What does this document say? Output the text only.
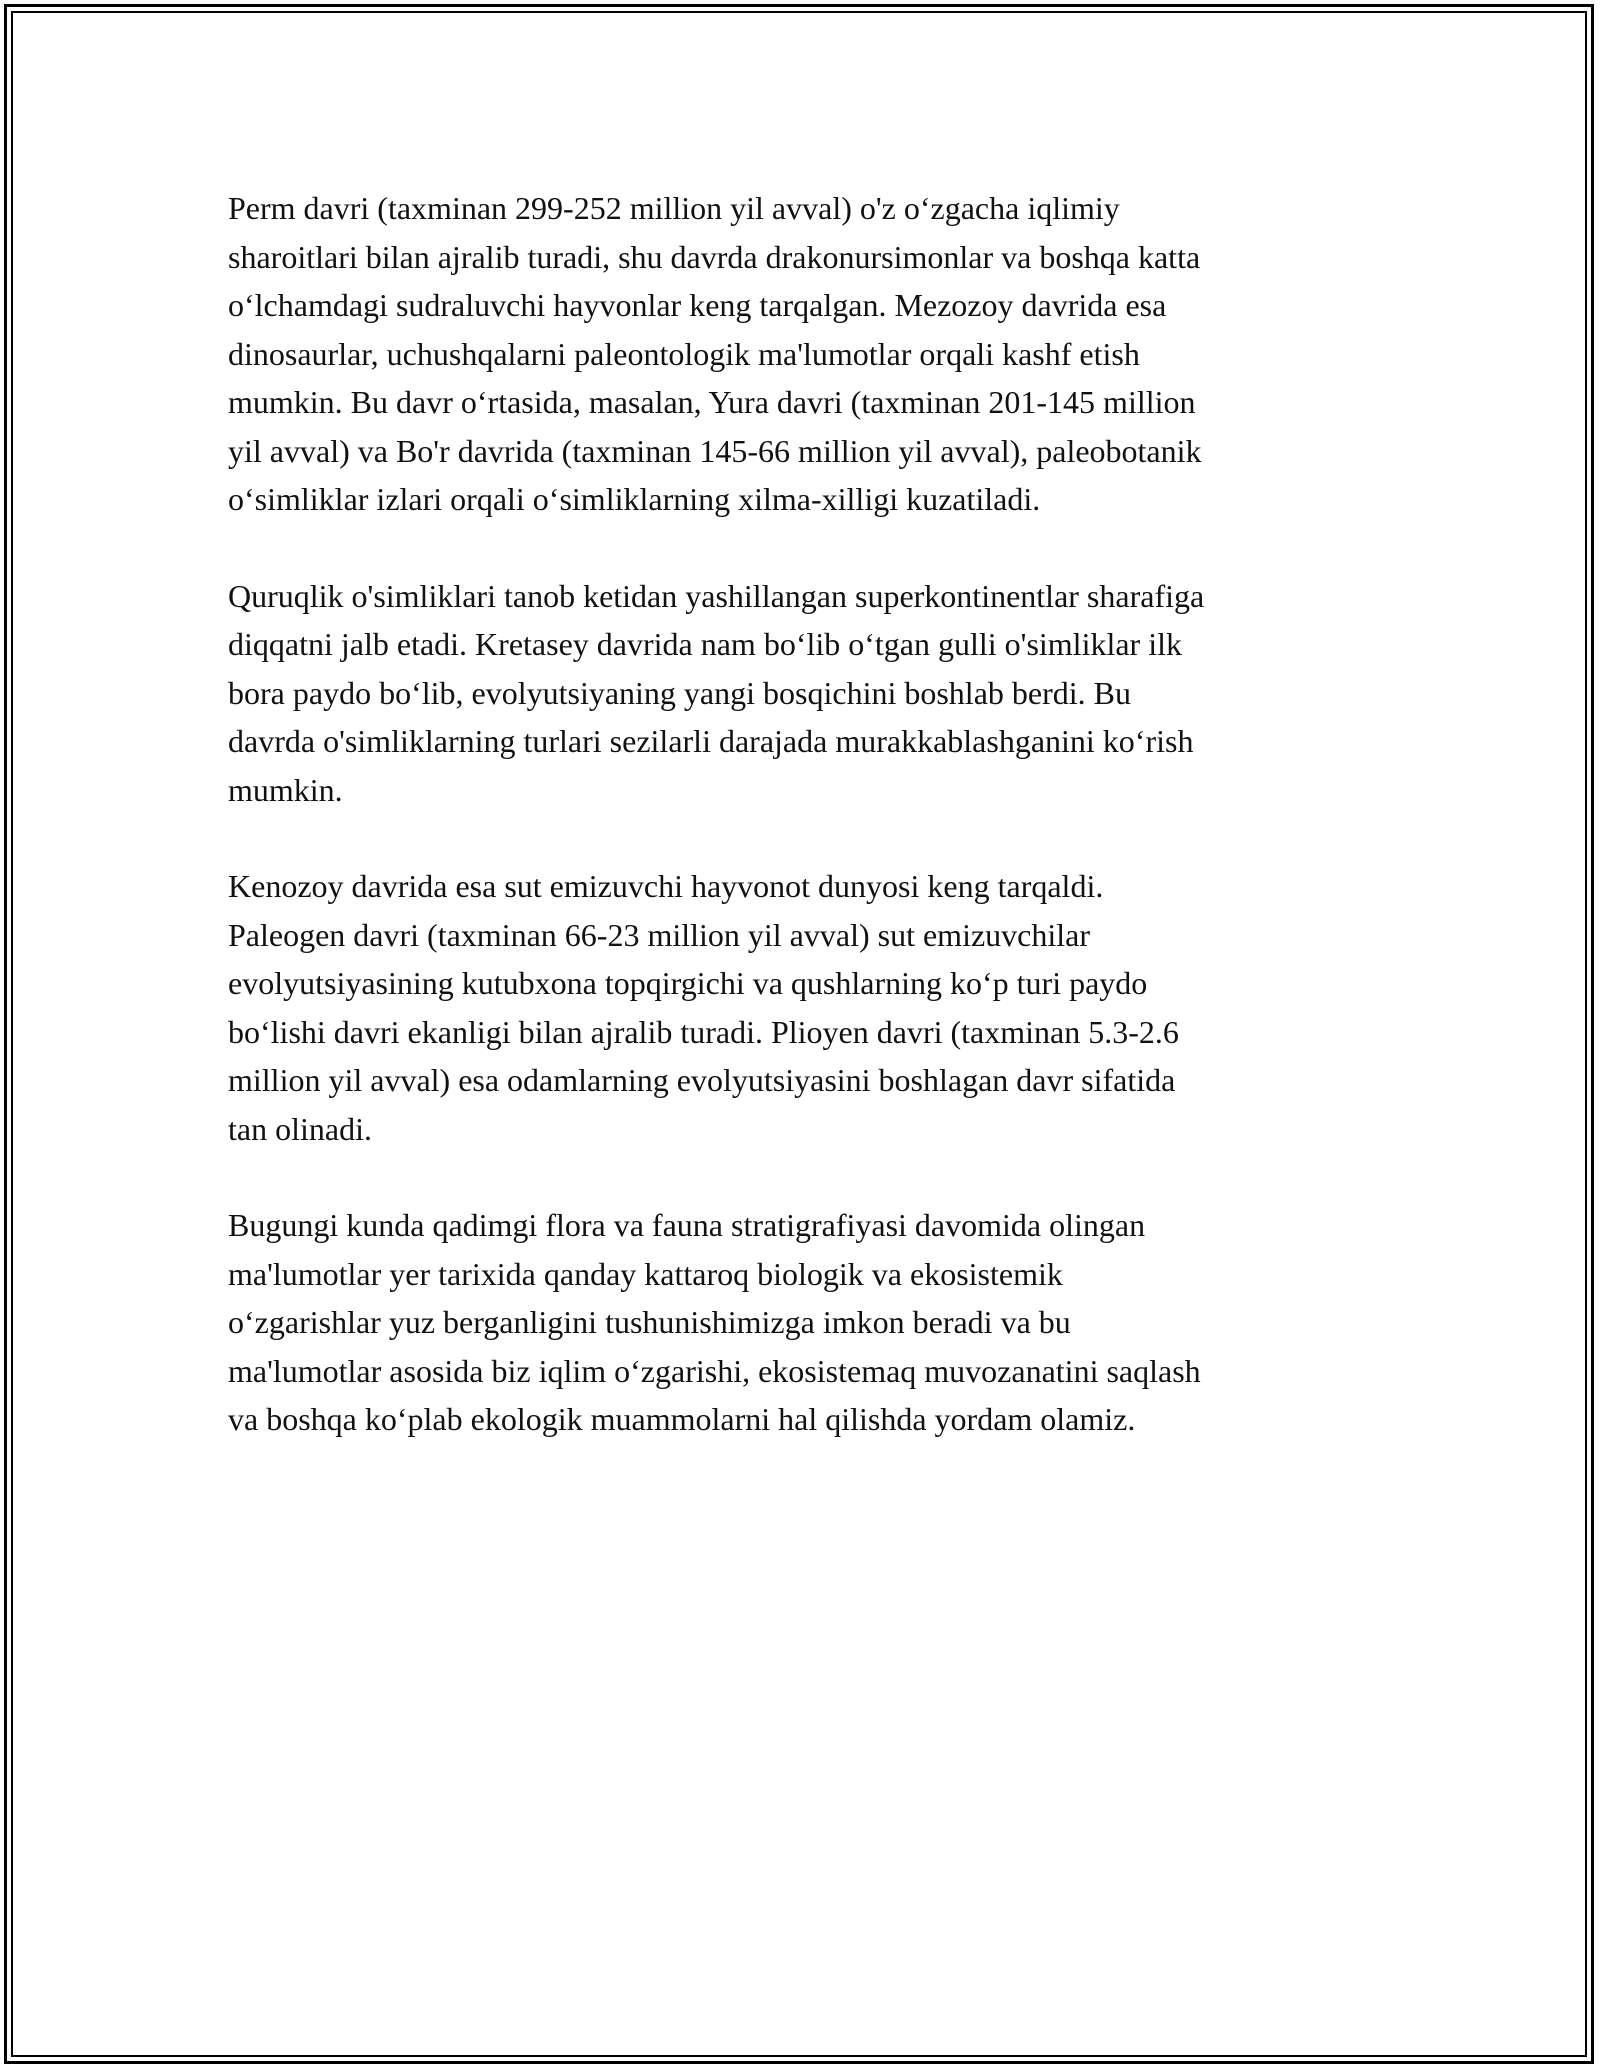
Perm davri (taxminan 299-252 million yil avval) o'z o‘zgacha iqlimiy
sharoitlari bilan ajralib turadi, shu davrda drakonursimonlar va boshqa katta
o‘lchamdagi sudraluvchi hayvonlar keng tarqalgan. Mezozoy davrida esa
dinosaurlar, uchushqalarni paleontologik ma'lumotlar orqali kashf etish
mumkin. Bu davr o‘rtasida, masalan, Yura davri (taxminan 201-145 million
yil avval) va Bo'r davrida (taxminan 145-66 million yil avval), paleobotanik
o‘simliklar izlari orqali o‘simliklarning xilma-xilligi kuzatiladi.

Quruqlik o'simliklari tanob ketidan yashillangan superkontinentlar sharafiga
diqqatni jalb etadi. Kretasey davrida nam bo‘lib o‘tgan gulli o'simliklar ilk
bora paydo bo‘lib, evolyutsiyaning yangi bosqichini boshlab berdi. Bu
davrda o'simliklarning turlari sezilarli darajada murakkablashganini ko‘rish
mumkin.

Kenozoy davrida esa sut emizuvchi hayvonot dunyosi keng tarqaldi.
Paleogen davri (taxminan 66-23 million yil avval) sut emizuvchilar
evolyutsiyasining kutubxona topqirgichi va qushlarning ko‘p turi paydo
bo‘lishi davri ekanligi bilan ajralib turadi. Plioyen davri (taxminan 5.3-2.6
million yil avval) esa odamlarning evolyutsiyasini boshlagan davr sifatida
tan olinadi.

Bugungi kunda qadimgi flora va fauna stratigrafiyasi davomida olingan
ma'lumotlar yer tarixida qanday kattaroq biologik va ekosistemik
o‘zgarishlar yuz berganligini tushunishimizga imkon beradi va bu
ma'lumotlar asosida biz iqlim o‘zgarishi, ekosistemaq muvozanatini saqlash
va boshqa ko‘plab ekologik muammolarni hal qilishda yordam olamiz.
